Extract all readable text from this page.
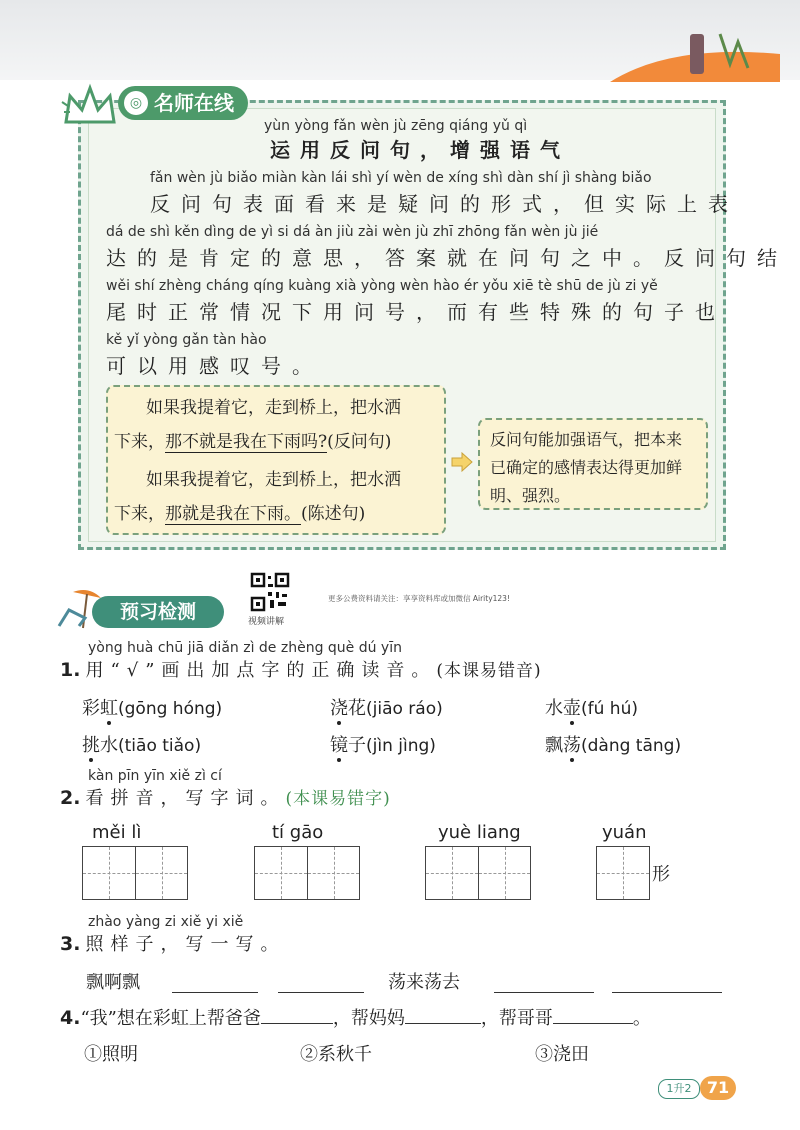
◎ 名师在线
yùn yòng fǎn wèn jù zēng qiáng yǔ qì
运用反问句，增强语气
fǎn wèn jù biǎo miàn kàn lái shì yí wèn de xíng shì dàn shí jì shàng biǎo
反问句表面看来是疑问的形式，但实际上表
dá de shì kěn dìng de yì si dá àn jiù zài wèn jù zhī zhōng fǎn wèn jù jié
达的是肯定的意思，答案就在问句之中。反问句结
wěi shí zhèng cháng qíng kuàng xià yòng wèn hào ér yǒu xiē tè shū de jù zi yě
尾时正常情况下用问号，而有些特殊的句子也
kě yǐ yòng gǎn tàn hào
可以用感叹号。
如果我提着它，走到桥上，把水洒
下来，那不就是我在下雨吗?(反问句)
如果我提着它，走到桥上，把水洒
下来，那就是我在下雨。(陈述句)
反问句能加强语气，把本来已确定的感情表达得更加鲜明、强烈。
预习检测	视频讲解
更多公费资料请关注：享享资料库或加微信 Airity123!
yòng huà chū jiā diǎn zì de zhèng què dú yīn
1. 用“√”画出加点字的正确读音。(本课易错音)
彩虹(gōng hóng)	浇花(jiāo ráo)	水壶(fú hú)
挑水(tiāo tiǎo)	镜子(jìn jìng)	飘荡(dàng tāng)
kàn pīn yīn xiě zì cí
2. 看拼音，写字词。(本课易错字)
měi lì	tí gāo	yuè liang	yuán
形
zhào yàng zi xiě yi xiě
3. 照样子，写一写。
飘啊飘	荡来荡去
4.“我”想在彩虹上帮爸爸	，帮妈妈	，帮哥哥	。
①照明	②系秋千	③浇田
1升2 71
